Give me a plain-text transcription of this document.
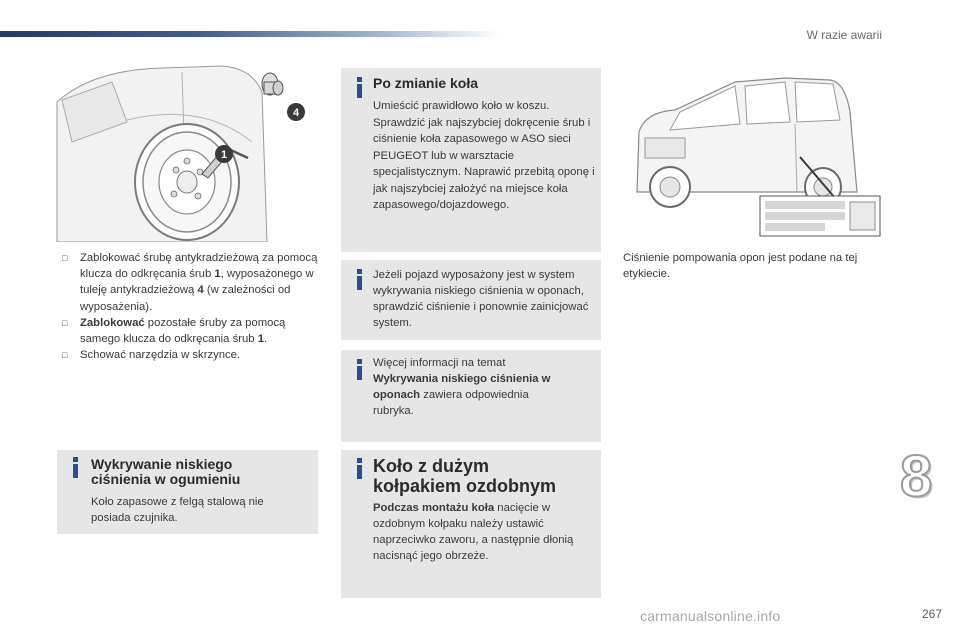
W razie awarii
1
4
□ Zablokować śrubę antykradzieżową za pomocą klucza do odkręcania śrub 1, wyposażonego w tuleję antykradzieżową 4 (w zależności od wyposażenia).
□ Zablokować pozostałe śruby za pomocą samego klucza do odkręcania śrub 1.
□ Schować narzędzia w skrzynce.
Wykrywanie niskiego
ciśnienia w ogumieniu
Koło zapasowe z felgą stalową nie posiada czujnika.
Po zmianie koła
Umieścić prawidłowo koło w koszu. Sprawdzić jak najszybciej dokręcenie śrub i ciśnienie koła zapasowego w ASO sieci PEUGEOT lub w warsztacie specjalistycznym. Naprawić przebitą oponę i jak najszybciej założyć na miejsce koła zapasowego/dojazdowego.
Jeżeli pojazd wyposażony jest w system wykrywania niskiego ciśnienia w oponach, sprawdzić ciśnienie i ponownie zainicjować system.
Więcej informacji na temat Wykrywania niskiego ciśnienia w oponach zawiera odpowiednia rubryka.
Koło z dużym
kołpakiem ozdobnym
Podczas montażu koła nacięcie w ozdobnym kołpaku należy ustawić naprzeciwko zaworu, a następnie dłonią nacisnąć jego obrzeże.
Ciśnienie pompowania opon jest podane na tej etykiecie.
8
carmanualsonline.info	267
